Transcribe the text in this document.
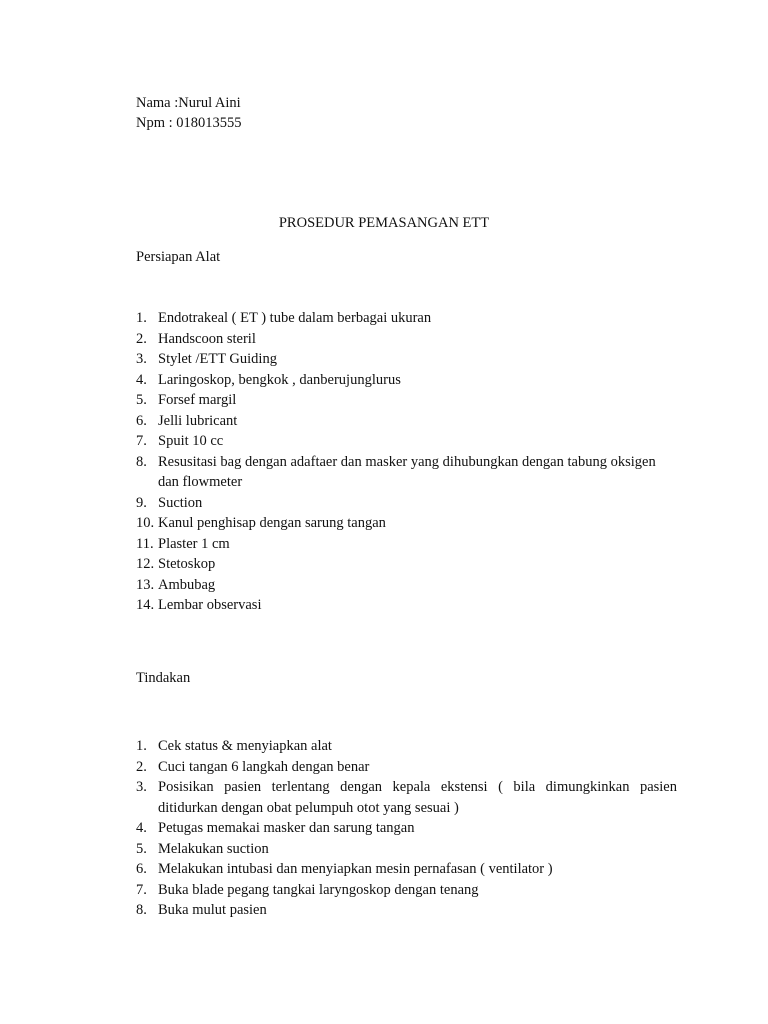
Nama :Nurul Aini
Npm : 018013555
PROSEDUR PEMASANGAN ETT
Persiapan Alat
1. Endotrakeal ( ET ) tube dalam berbagai ukuran
2. Handscoon steril
3. Stylet /ETT Guiding
4. Laringoskop, bengkok , danberujunglurus
5. Forsef margil
6. Jelli lubricant
7. Spuit 10 cc
8. Resusitasi bag dengan adaftaer dan masker yang dihubungkan dengan tabung oksigen dan flowmeter
9. Suction
10. Kanul penghisap dengan sarung tangan
11. Plaster 1 cm
12. Stetoskop
13. Ambubag
14. Lembar observasi
Tindakan
1. Cek status & menyiapkan alat
2. Cuci tangan 6 langkah dengan benar
3. Posisikan pasien terlentang dengan kepala ekstensi ( bila dimungkinkan pasien ditidurkan dengan obat pelumpuh otot yang sesuai )
4. Petugas memakai masker dan sarung tangan
5. Melakukan suction
6. Melakukan intubasi dan menyiapkan mesin pernafasan ( ventilator )
7. Buka blade pegang tangkai laryngoskop dengan tenang
8. Buka mulut pasien
